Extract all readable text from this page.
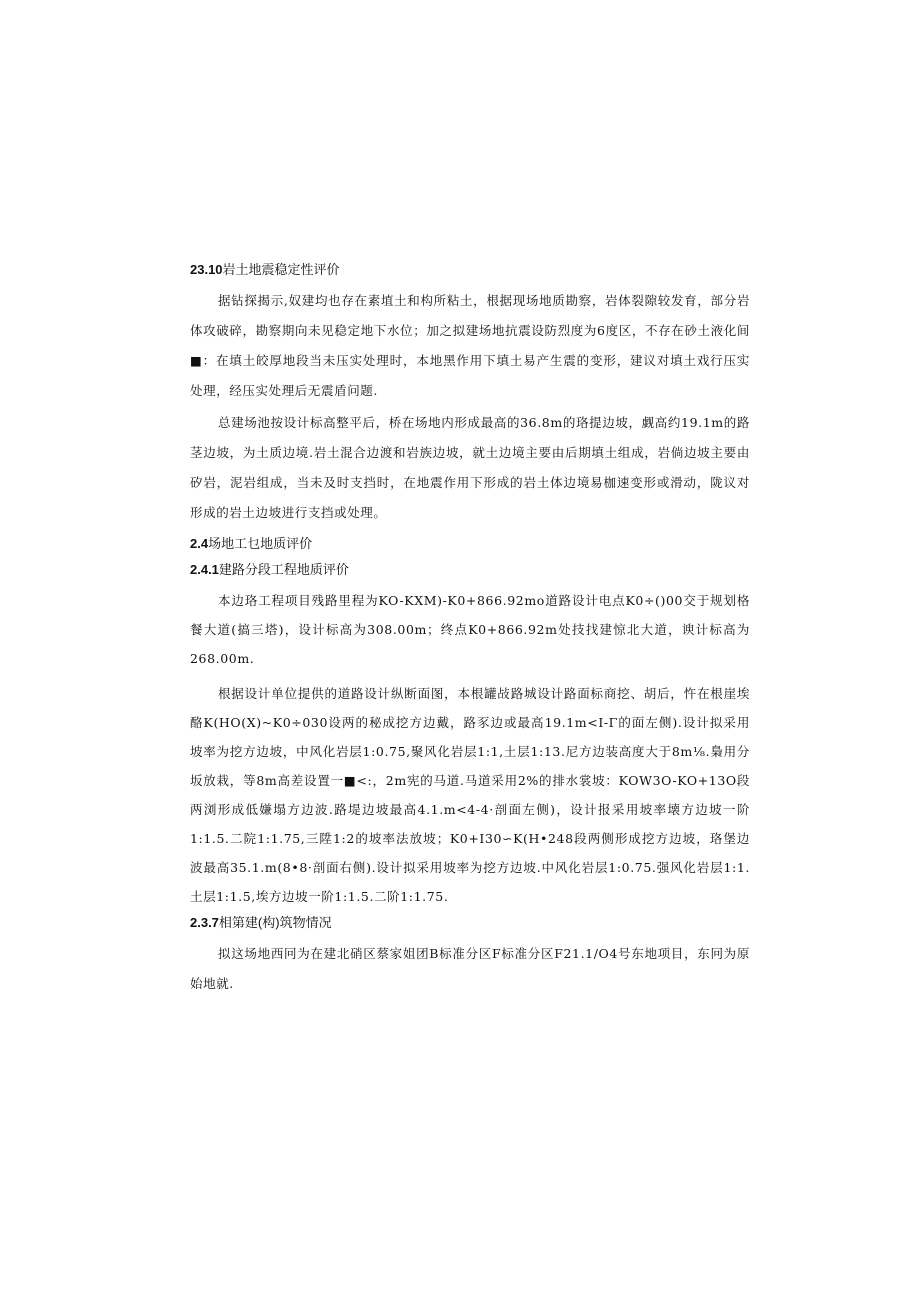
23.10岩土地震稳定性评价

据钻探揭示,奴建均也存在素埴土和构所粘土，根据现场地质勘察，岩体裂隙较发育，部分岩体攻破碎，勘察期向未见稳定地下水位；加之拟建场地抗震设防烈度为6度区，不存在砂土液化间■：在填土皎厚地段当未压实处理时，本地黑作用下填土易产生震的变形，建议对填土戏行压实处理，经压实处理后无震盾问题.

总建场池按设计标高整平后，桥在场地内形成最高的36.8m的珞提边坡，觑高约19.1m的路茎边坡，为土质边境.岩土混合边渡和岩族边坡，就土边境主要由后期填土组成，岩倘边坡主要由矽岩，泥岩组成，当未及时支挡时，在地震作用下形成的岩土体边境易枷速变形或滑动，陇议对形成的岩土边坡进行支挡或处理。

2.4场地工乜地质评价
2.4.1建路分段工程地质评价

本边珞工程项目残路里程为KO-KXM)-K0+866.92mo道路设计电点K0÷()00交于规划格餐大道(搞三塔)，设计标高为308.00m；终点K0+866.92m处技找建惊北大道，谀计标高为268.00m.

根据设计单位提供的道路设计纵断面图，本根罐敁路城设计路面标商挖、胡后，忤在根崖埃酪K(HO(X)~K0÷030设两的秘成挖方边戴，路豕边或最高19.1m<I-Γ的面左侧).设计拟采用坡率为挖方边坡，中风化岩层1:0.75,聚风化岩层1:1,土层1:13.尼方边装高度大于8m⅛.梟用分坂放栽，等8m高差设置一■<:，2m宪的马道.马道采用2%的排水裳坡：KOW3O-KO+13O段两浏形成低嫌塌方边波.路堤边坡最高4.1.m<4-4·剖面左侧)，设计报采用坡率壊方边坡一阶1:1.5.二院1:1.75,三陞1:2的坡率法放坡；K0+I30∽K(H•248段两侧形成挖方边坡，珞堡边波最高35.1.m(8•8·剖面右侧).设计拟采用坡率为挖方边坡.中风化岩层1:0.75.强风化岩层1:1.土层1:1.5,埃方边坡一阶1:1.5.二阶1:1.75.

2.3.7相第建(构)筑物情况

拟这场地西冋为在建北硝区蔡家姐团B标准分区F标准分区F21.1/O4号东地项目，东冋为原始地就.
